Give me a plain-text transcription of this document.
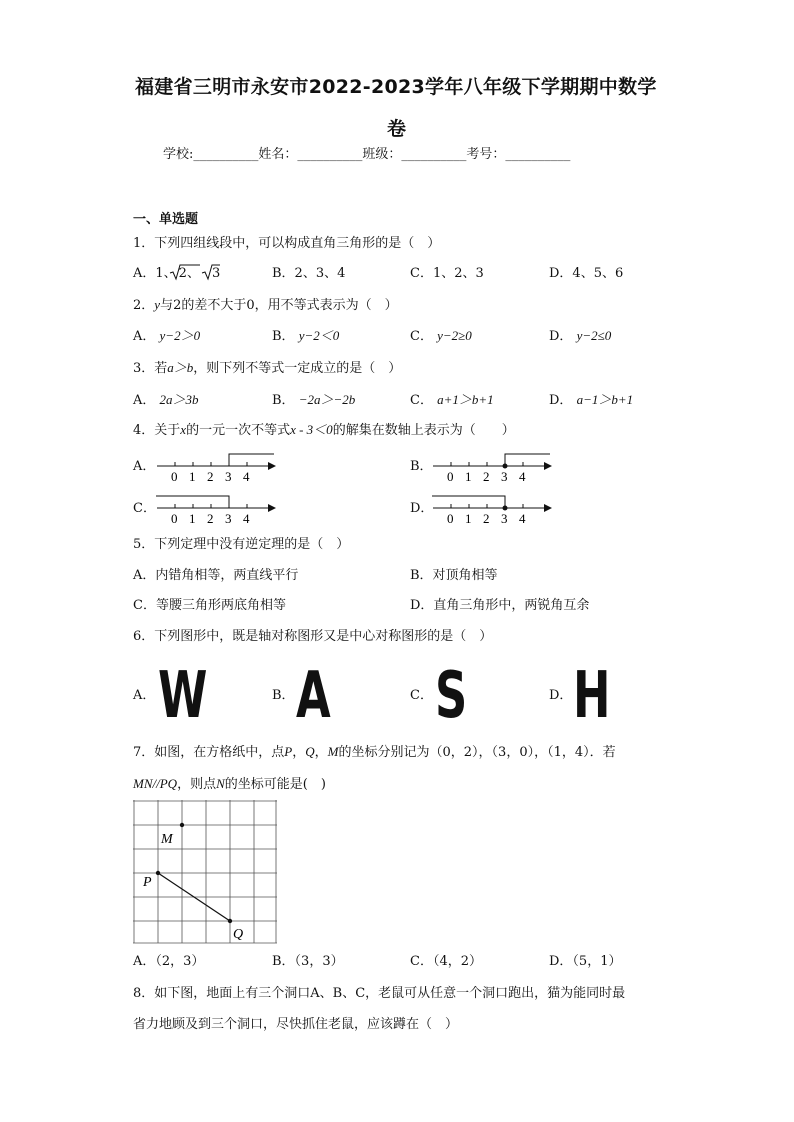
福建省三明市永安市2022-2023学年八年级下学期期中数学
卷
学校:__________姓名：__________班级：__________考号：__________
一、单选题
1．下列四组线段中，可以构成直角三角形的是（　）
A．1、 2、 3	B．2、3、4	C．1、2、3	D．4、5、6
2．y与2的差不大于0，用不等式表示为（　）
A． y−2＞0	B． y−2＜0	C． y−2≥0	D． y−2≤0
3．若a＞b，则下列不等式一定成立的是（　）
A． 2a＞3b	B． −2a＞−2b	C． a+1＞b+1	D． a−1＞b+1
4．关于x的一元一次不等式x - 3＜0的解集在数轴上表示为（　　）
A．	B．
C．	D．
0 1 2 3 4	0 1 2 3 4
0 1 2 3 4	0 1 2 3 4
5．下列定理中没有逆定理的是（　）
A．内错角相等，两直线平行	B．对顶角相等
C．等腰三角形两底角相等	D．直角三角形中，两锐角互余
6．下列图形中，既是轴对称图形又是中心对称图形的是（　）
A． W	B． A	C． S	D． H
7．如图，在方格纸中，点P，Q，M的坐标分别记为（0，2），（3，0），（1，4）．若
MN//PQ，则点N的坐标可能是(　)
M
P
Q
A．（2，3）	B．（3，3）	C．（4，2）	D．（5，1）
8．如下图，地面上有三个洞口A、B、C，老鼠可从任意一个洞口跑出，猫为能同时最
省力地顾及到三个洞口，尽快抓住老鼠，应该蹲在（　）
